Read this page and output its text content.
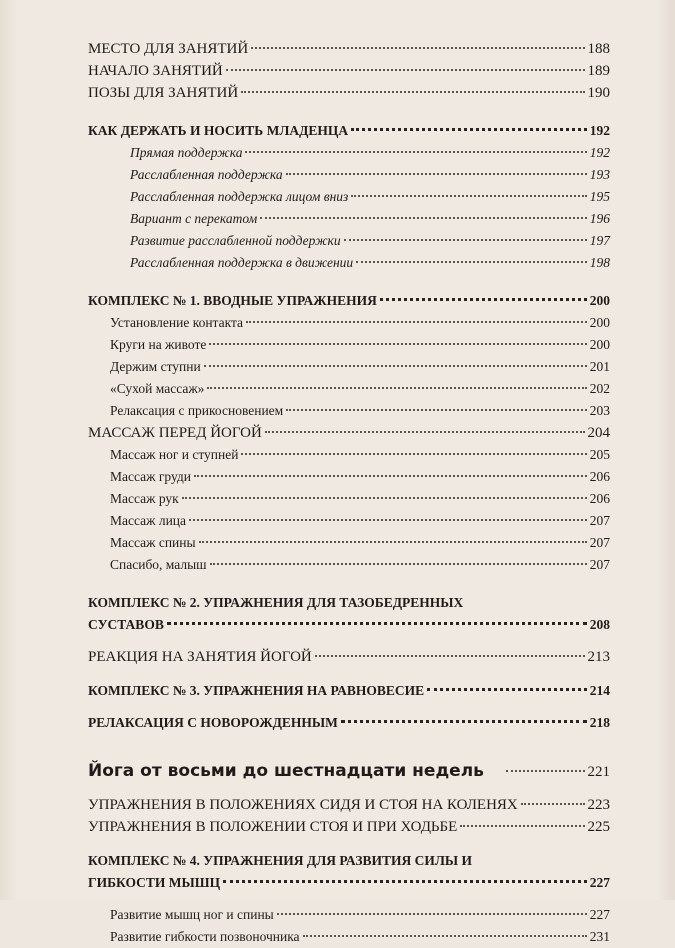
МЕСТО ДЛЯ ЗАНЯТИЙ	188
НАЧАЛО ЗАНЯТИЙ	189
ПОЗЫ ДЛЯ ЗАНЯТИЙ	190
КАК ДЕРЖАТЬ И НОСИТЬ МЛАДЕНЦА	192
Прямая поддержка	192
Расслабленная поддержка	193
Расслабленная поддержка лицом вниз	195
Вариант с перекатом	196
Развитие расслабленной поддержки	197
Расслабленная поддержка в движении	198
КОМПЛЕКС № 1. ВВОДНЫЕ УПРАЖНЕНИЯ	200
Установление контакта	200
Круги на животе	200
Держим ступни	201
«Сухой массаж»	202
Релаксация с прикосновением	203
МАССАЖ ПЕРЕД ЙОГОЙ	204
Массаж ног и ступней	205
Массаж груди	206
Массаж рук	206
Массаж лица	207
Массаж спины	207
Спасибо, малыш	207
КОМПЛЕКС № 2. УПРАЖНЕНИЯ ДЛЯ ТАЗОБЕДРЕННЫХ
СУСТАВОВ	208
РЕАКЦИЯ НА ЗАНЯТИЯ ЙОГОЙ	213
КОМПЛЕКС № 3. УПРАЖНЕНИЯ НА РАВНОВЕСИЕ	214
РЕЛАКСАЦИЯ С НОВОРОЖДЕННЫМ	218
Йога от восьми до шестнадцати недель	221
УПРАЖНЕНИЯ В ПОЛОЖЕНИЯХ СИДЯ И СТОЯ НА КОЛЕНЯХ	223
УПРАЖНЕНИЯ В ПОЛОЖЕНИИ СТОЯ И ПРИ ХОДЬБЕ	225
КОМПЛЕКС № 4. УПРАЖНЕНИЯ ДЛЯ РАЗВИТИЯ СИЛЫ И
ГИБКОСТИ МЫШЦ	227
Развитие мышц ног и спины	227
Развитие гибкости позвоночника	231
